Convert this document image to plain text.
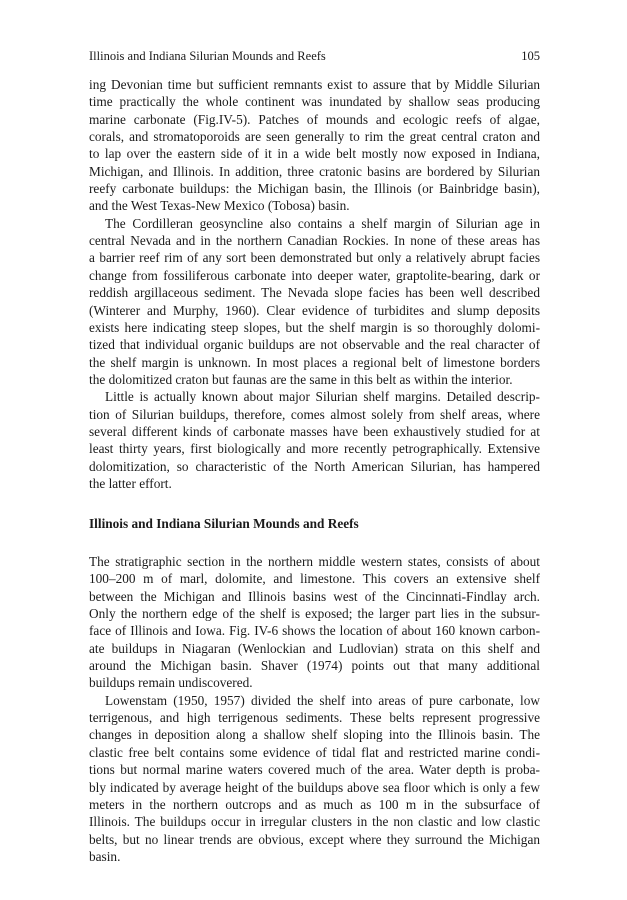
Illinois and Indiana Silurian Mounds and Reefs	105
ing Devonian time but sufficient remnants exist to assure that by Middle Silurian
time practically the whole continent was inundated by shallow seas producing
marine carbonate (Fig.IV-5). Patches of mounds and ecologic reefs of algae,
corals, and stromatoporoids are seen generally to rim the great central craton and
to lap over the eastern side of it in a wide belt mostly now exposed in Indiana,
Michigan, and Illinois. In addition, three cratonic basins are bordered by Silurian
reefy carbonate buildups: the Michigan basin, the Illinois (or Bainbridge basin),
and the West Texas-New Mexico (Tobosa) basin.
The Cordilleran geosyncline also contains a shelf margin of Silurian age in
central Nevada and in the northern Canadian Rockies. In none of these areas has
a barrier reef rim of any sort been demonstrated but only a relatively abrupt facies
change from fossiliferous carbonate into deeper water, graptolite-bearing, dark or
reddish argillaceous sediment. The Nevada slope facies has been well described
(Winterer and Murphy, 1960). Clear evidence of turbidites and slump deposits
exists here indicating steep slopes, but the shelf margin is so thoroughly dolomi-
tized that individual organic buildups are not observable and the real character of
the shelf margin is unknown. In most places a regional belt of limestone borders
the dolomitized craton but faunas are the same in this belt as within the interior.
Little is actually known about major Silurian shelf margins. Detailed descrip-
tion of Silurian buildups, therefore, comes almost solely from shelf areas, where
several different kinds of carbonate masses have been exhaustively studied for at
least thirty years, first biologically and more recently petrographically. Extensive
dolomitization, so characteristic of the North American Silurian, has hampered
the latter effort.
Illinois and Indiana Silurian Mounds and Reefs
The stratigraphic section in the northern middle western states, consists of about
100–200 m of marl, dolomite, and limestone. This covers an extensive shelf
between the Michigan and Illinois basins west of the Cincinnati-Findlay arch.
Only the northern edge of the shelf is exposed; the larger part lies in the subsur-
face of Illinois and Iowa. Fig. IV-6 shows the location of about 160 known carbon-
ate buildups in Niagaran (Wenlockian and Ludlovian) strata on this shelf and
around the Michigan basin. Shaver (1974) points out that many additional
buildups remain undiscovered.
Lowenstam (1950, 1957) divided the shelf into areas of pure carbonate, low
terrigenous, and high terrigenous sediments. These belts represent progressive
changes in deposition along a shallow shelf sloping into the Illinois basin. The
clastic free belt contains some evidence of tidal flat and restricted marine condi-
tions but normal marine waters covered much of the area. Water depth is proba-
bly indicated by average height of the buildups above sea floor which is only a few
meters in the northern outcrops and as much as 100 m in the subsurface of
Illinois. The buildups occur in irregular clusters in the non clastic and low clastic
belts, but no linear trends are obvious, except where they surround the Michigan
basin.
